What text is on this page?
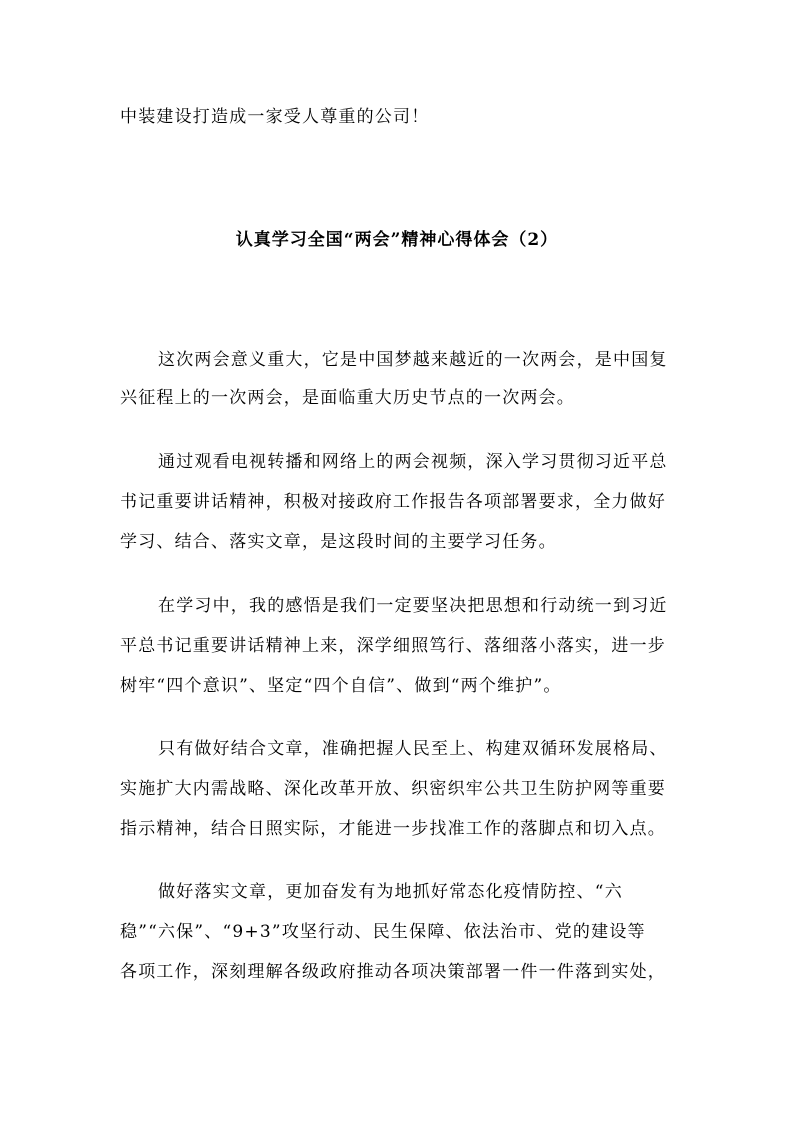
中装建设打造成一家受人尊重的公司！
认真学习全国“两会”精神心得体会（2）
这次两会意义重大，它是中国梦越来越近的一次两会，是中国复
兴征程上的一次两会，是面临重大历史节点的一次两会。
通过观看电视转播和网络上的两会视频，深入学习贯彻习近平总
书记重要讲话精神，积极对接政府工作报告各项部署要求，全力做好
学习、结合、落实文章，是这段时间的主要学习任务。
在学习中，我的感悟是我们一定要坚决把思想和行动统一到习近
平总书记重要讲话精神上来，深学细照笃行、落细落小落实，进一步
树牢“四个意识”、坚定“四个自信”、做到“两个维护”。
只有做好结合文章，准确把握人民至上、构建双循环发展格局、
实施扩大内需战略、深化改革开放、织密织牢公共卫生防护网等重要
指示精神，结合日照实际，才能进一步找准工作的落脚点和切入点。
做好落实文章，更加奋发有为地抓好常态化疫情防控、“六
稳”“六保”、“9+3”攻坚行动、民生保障、依法治市、党的建设等
各项工作，深刻理解各级政府推动各项决策部署一件一件落到实处，
